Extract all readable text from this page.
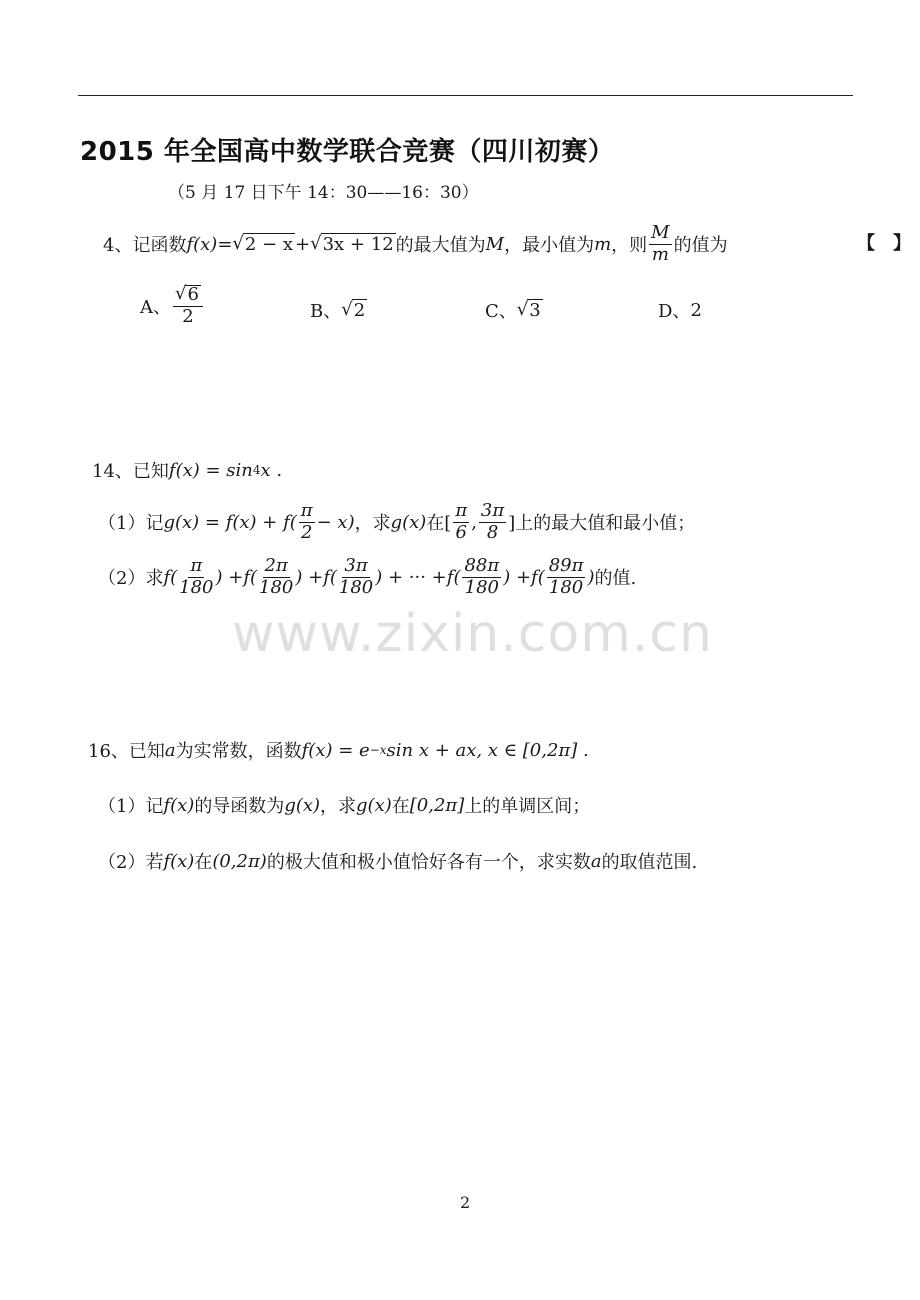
2015 年全国高中数学联合竞赛（四川初赛）
（5 月 17 日下午 14：30——16：30）
4、 记函数 f(x) = √ 2 − x + √ 3x + 12 的最大值为 M ，最小值为 m ，则 $\frac{M}{m}$ 的值为	【　】
A、 $\frac{√ 6}{2}$	B、 √ 2	C、 √ 3	D、 2
14、 已知 f(x) = sin 4 x .
（1） 记 $g(x) = f(x) + f( \frac{\pi}{2} - x)$ ，求 g(x) 在[ $\frac{\pi}{6}$ , $\frac{3\pi}{8}$ ]上的最大值和最小值；
（2） 求 $f( \frac{\pi}{180}$ ) + $f( \frac{2\pi}{180}$ ) + $f( \frac{3\pi}{180}$ ) + ··· + $f( \frac{88\pi}{180}$ ) + $f( \frac{89\pi}{180}$ ) 的值.
www.zixin.com.cn
16、 已知 a 为实常数，函数 f(x) = e −x sin x + ax, x ∈ [0,2π] .
（1） 记 f(x) 的导函数为 g(x) ，求 g(x) 在 [0,2π] 上的单调区间；
（2） 若 f(x) 在 (0,2π) 的极大值和极小值恰好各有一个，求实数 a 的取值范围.
2
